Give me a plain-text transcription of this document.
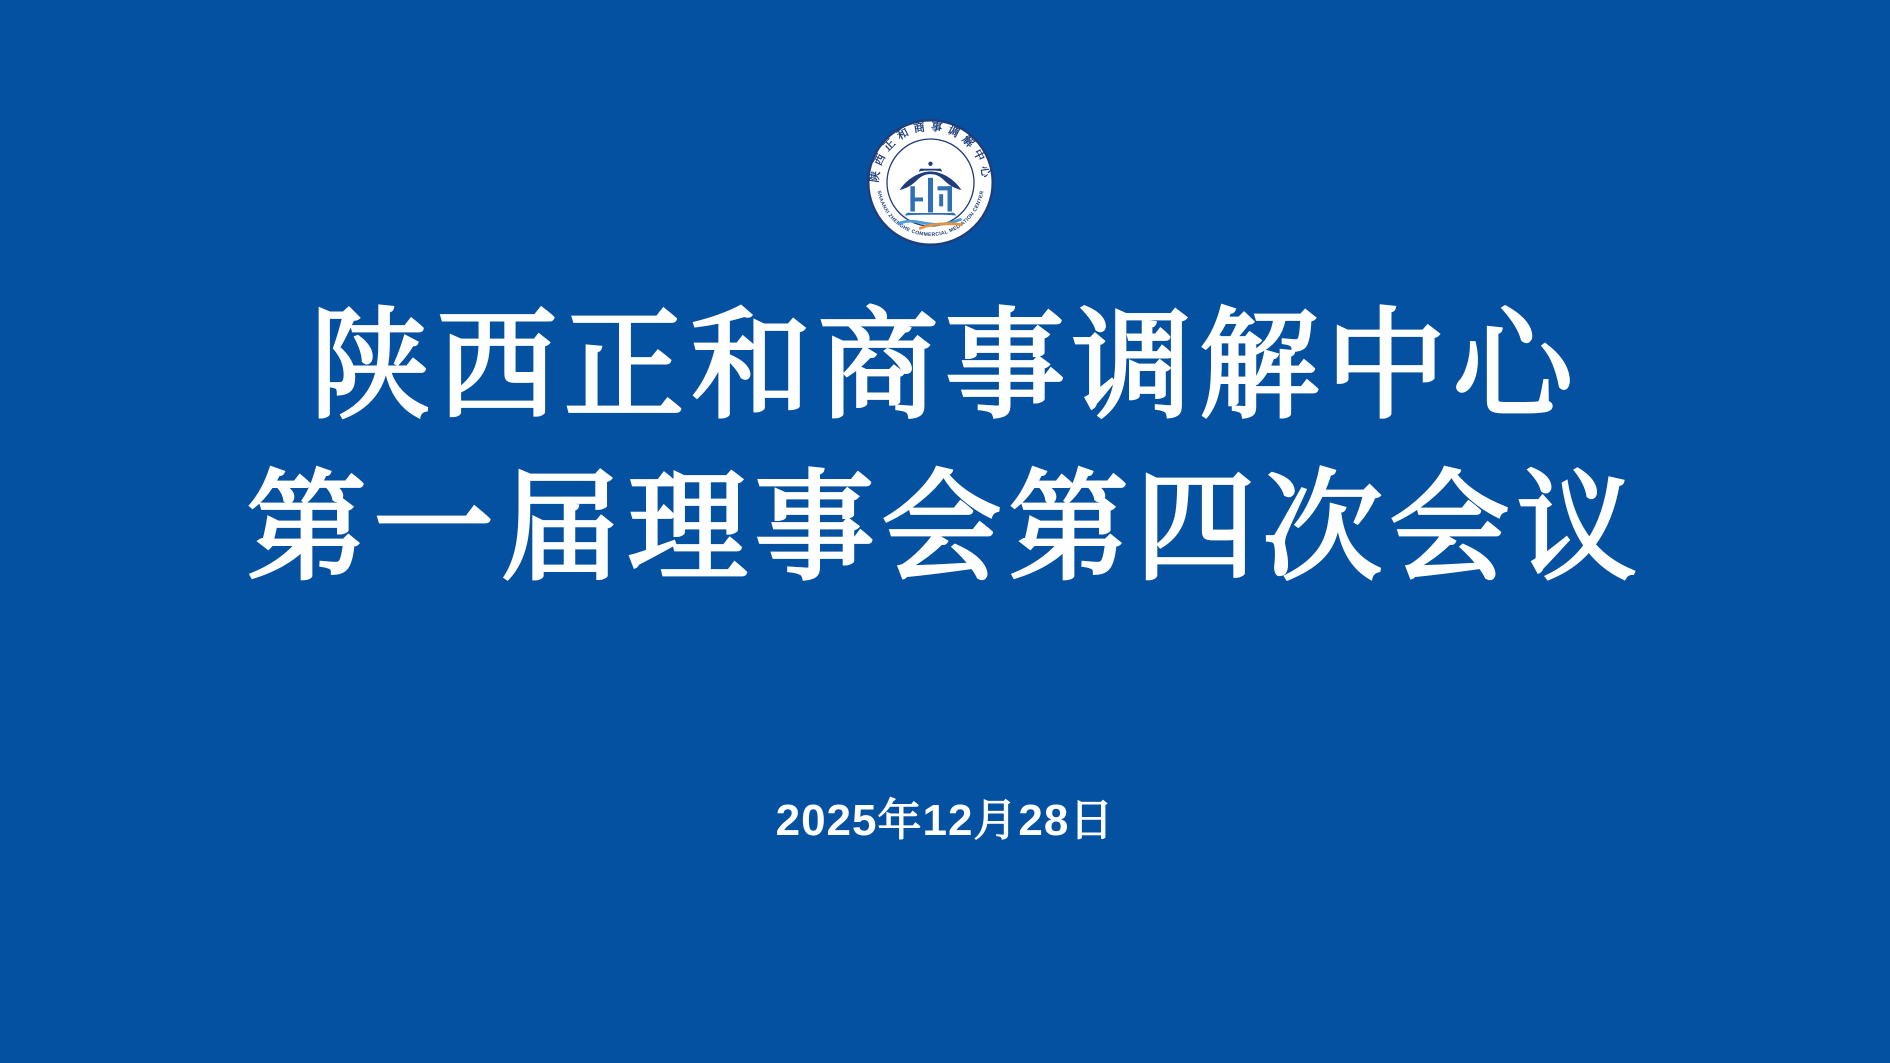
陕西正和商事调解中心
SHAANXI ZHENGHE COMMERCIAL MEDIATION CENTER
陕西正和商事调解中心
第一届理事会第四次会议
2025年12月28日
